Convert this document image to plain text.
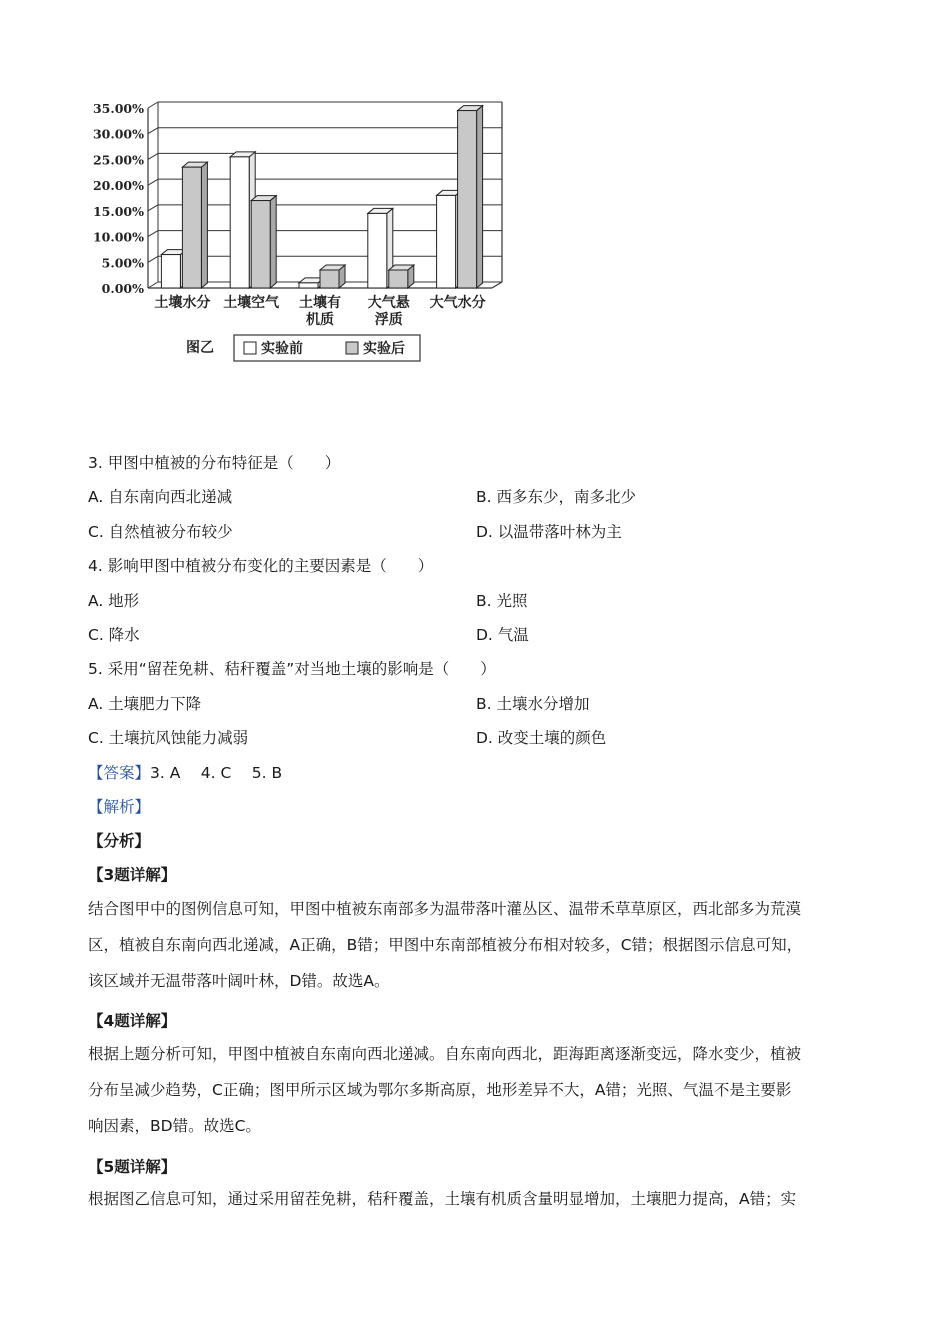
0.00%
5.00%
10.00%
15.00%
20.00%
25.00%
30.00%
35.00%
土壤水分 土壤空气 土壤有
机质
大气悬
浮质
大气水分
图乙	实验前	实验后
3. 甲图中植被的分布特征是（　　）
A. 自东南向西北递减	B. 西多东少，南多北少
C. 自然植被分布较少	D. 以温带落叶林为主
4. 影响甲图中植被分布变化的主要因素是（　　）
A. 地形	B. 光照
C. 降水	D. 气温
5. 采用“留茬免耕、秸秆覆盖”对当地土壤的影响是（　　）
A. 土壤肥力下降	B. 土壤水分增加
C. 土壤抗风蚀能力减弱	D. 改变土壤的颜色
【答案】3. A　 4. C　 5. B
【解析】
【分析】
【3题详解】
结合图甲中的图例信息可知，甲图中植被东南部多为温带落叶灌丛区、温带禾草草原区，西北部多为荒漠
区，植被自东南向西北递减，A正确，B错；甲图中东南部植被分布相对较多，C错；根据图示信息可知，
该区域并无温带落叶阔叶林，D错。故选A。
【4题详解】
根据上题分析可知，甲图中植被自东南向西北递减。自东南向西北，距海距离逐渐变远，降水变少，植被
分布呈减少趋势，C正确；图甲所示区域为鄂尔多斯高原，地形差异不大，A错；光照、气温不是主要影
响因素，BD错。故选C。
【5题详解】
根据图乙信息可知，通过采用留茬免耕，秸秆覆盖，土壤有机质含量明显增加，土壤肥力提高，A错；实
